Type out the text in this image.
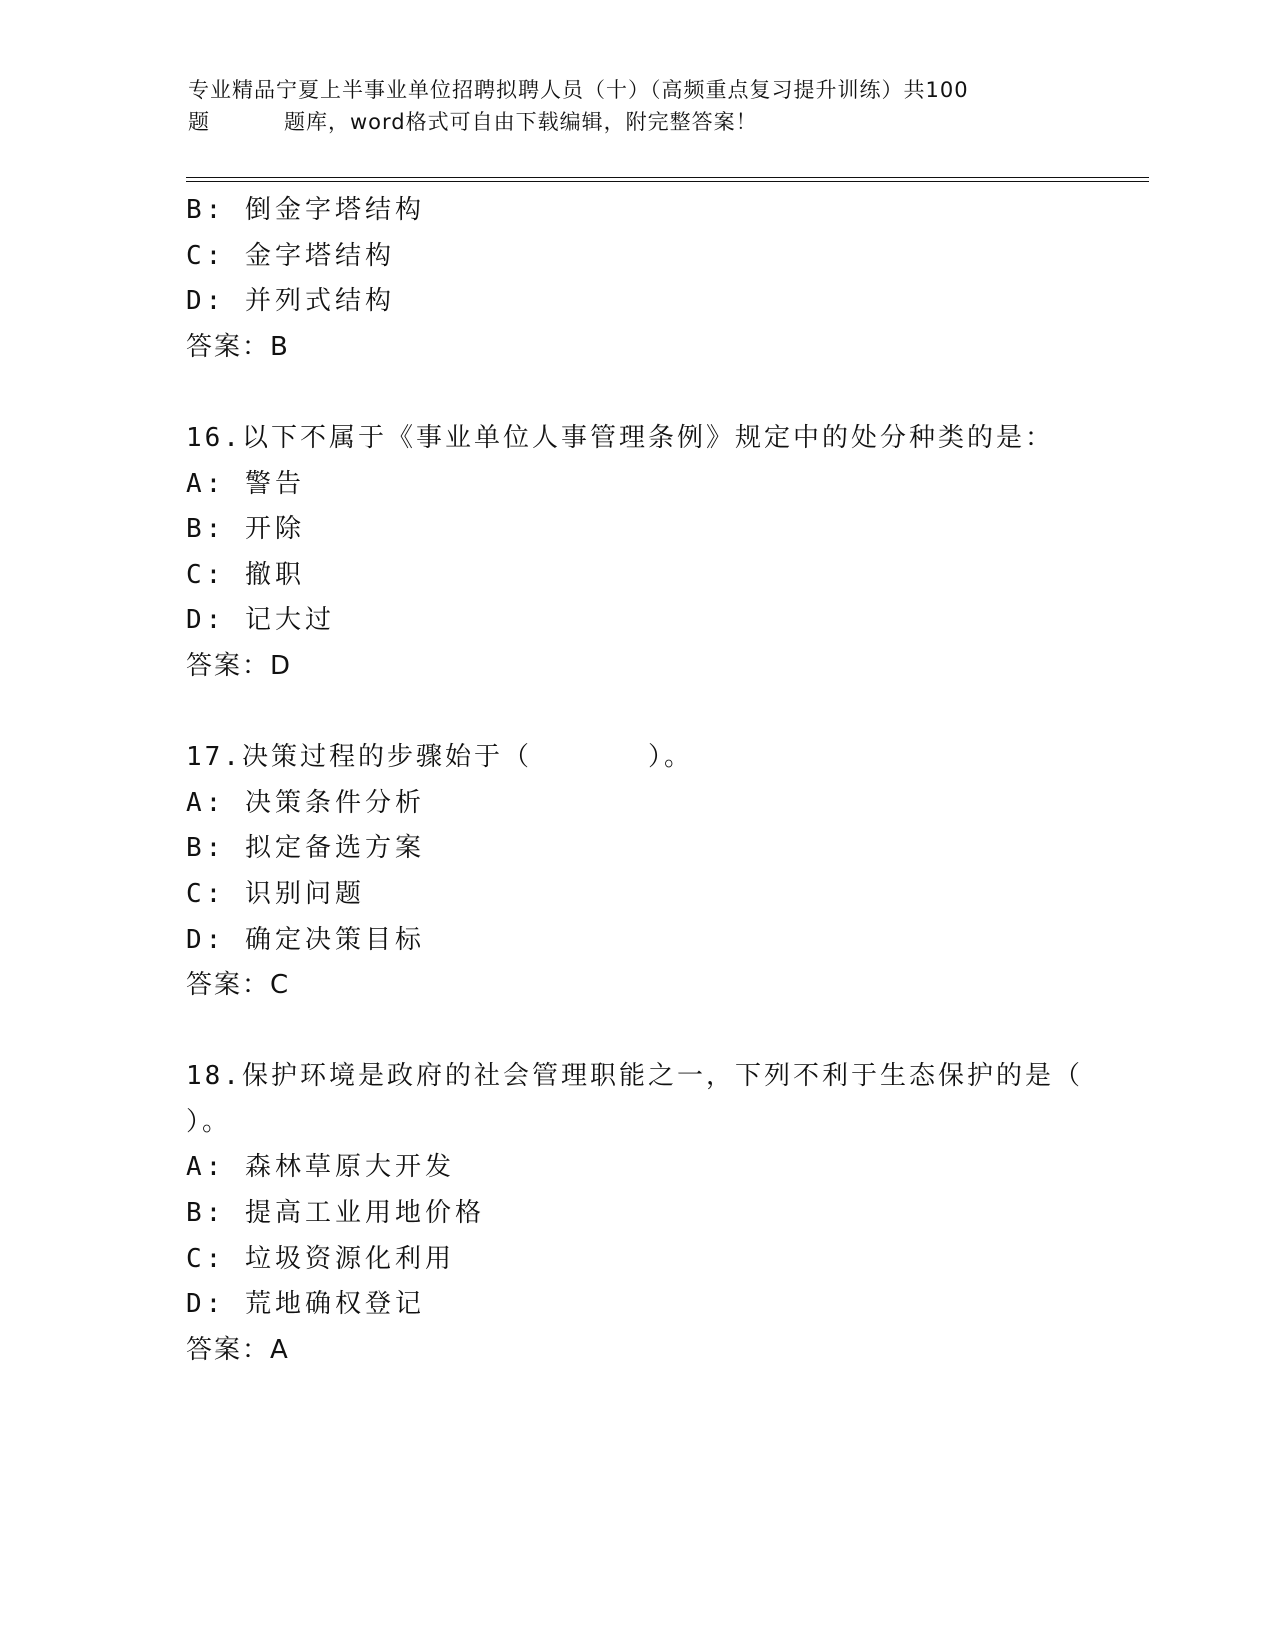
专业精品宁夏上半事业单位招聘拟聘人员（十）（高频重点复习提升训练）共100
题	题库，word格式可自由下载编辑，附完整答案！
B: 倒金字塔结构
C: 金字塔结构
D: 并列式结构
答案：B
16.以下不属于《事业单位人事管理条例》规定中的处分种类的是：
A: 警告
B: 开除
C: 撤职
D: 记大过
答案：D
17.决策过程的步骤始于（　　　　）。
A: 决策条件分析
B: 拟定备选方案
C: 识别问题
D: 确定决策目标
答案：C
18.保护环境是政府的社会管理职能之一，下列不利于生态保护的是（
）。
A: 森林草原大开发
B: 提高工业用地价格
C: 垃圾资源化利用
D: 荒地确权登记
答案：A
